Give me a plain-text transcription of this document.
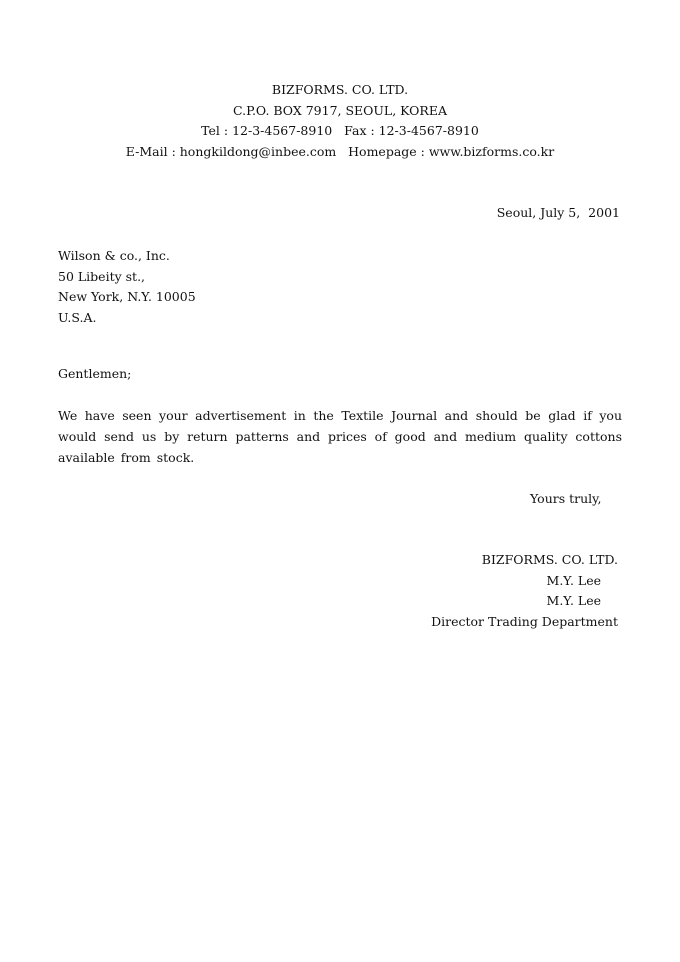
BIZFORMS. CO. LTD.
C.P.O. BOX 7917, SEOUL, KOREA
Tel : 12-3-4567-8910   Fax : 12-3-4567-8910
E-Mail : hongkildong@inbee.com   Homepage : www.bizforms.co.kr
Seoul, July 5,  2001
Wilson & co., Inc.
50 Libeity st.,
New York, N.Y. 10005
U.S.A.
Gentlemen;
We have seen your advertisement in the Textile Journal and should be glad if you would send us by return patterns and prices of good and medium quality cottons available from stock.
Yours truly,
BIZFORMS. CO. LTD.
M.Y. Lee
M.Y. Lee
Director Trading Department
